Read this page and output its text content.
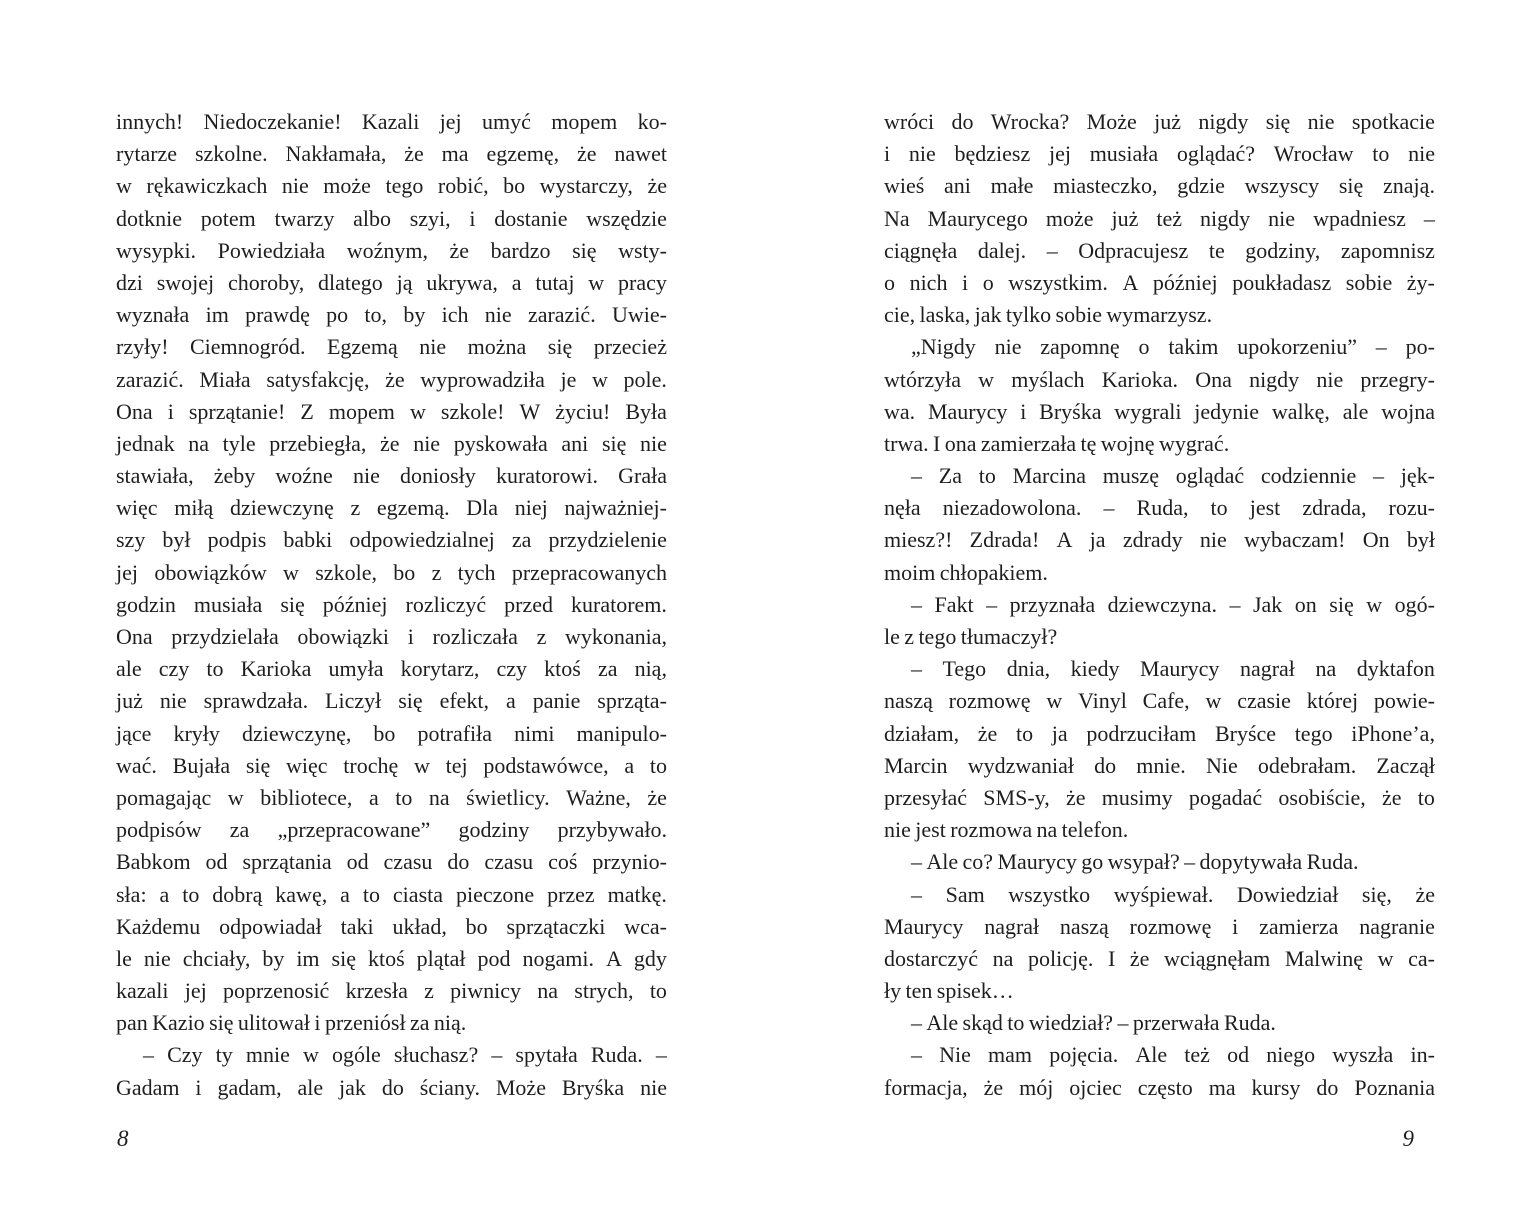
innych! Niedoczekanie! Kazali jej umyć mopem ko-
rytarze szkolne. Nakłamała, że ma egzemę, że nawet
w rękawiczkach nie może tego robić, bo wystarczy, że
dotknie potem twarzy albo szyi, i dostanie wszędzie
wysypki. Powiedziała woźnym, że bardzo się wsty-
dzi swojej choroby, dlatego ją ukrywa, a tutaj w pracy
wyznała im prawdę po to, by ich nie zarazić. Uwie-
rzyły! Ciemnogród. Egzemą nie można się przecież
zarazić. Miała satysfakcję, że wyprowadziła je w pole.
Ona i sprzątanie! Z mopem w szkole! W życiu! Była
jednak na tyle przebiegła, że nie pyskowała ani się nie
stawiała, żeby woźne nie doniosły kuratorowi. Grała
więc miłą dziewczynę z egzemą. Dla niej najważniej-
szy był podpis babki odpowiedzialnej za przydzielenie
jej obowiązków w szkole, bo z tych przepracowanych
godzin musiała się później rozliczyć przed kuratorem.
Ona przydzielała obowiązki i rozliczała z wykonania,
ale czy to Karioka umyła korytarz, czy ktoś za nią,
już nie sprawdzała. Liczył się efekt, a panie sprząta-
jące kryły dziewczynę, bo potrafiła nimi manipulo-
wać. Bujała się więc trochę w tej podstawówce, a to
pomagając w bibliotece, a to na świetlicy. Ważne, że
podpisów za „przepracowane” godziny przybywało.
Babkom od sprzątania od czasu do czasu coś przynio-
sła: a to dobrą kawę, a to ciasta pieczone przez matkę.
Każdemu odpowiadał taki układ, bo sprzątaczki wca-
le nie chciały, by im się ktoś plątał pod nogami. A gdy
kazali jej poprzenosić krzesła z piwnicy na strych, to
pan Kazio się ulitował i przeniósł za nią.
– Czy ty mnie w ogóle słuchasz? – spytała Ruda. –
Gadam i gadam, ale jak do ściany. Może Bryśka nie
wróci do Wrocka? Może już nigdy się nie spotkacie
i nie będziesz jej musiała oglądać? Wrocław to nie
wieś ani małe miasteczko, gdzie wszyscy się znają.
Na Maurycego może już też nigdy nie wpadniesz –
ciągnęła dalej. – Odpracujesz te godziny, zapomnisz
o nich i o wszystkim. A później poukładasz sobie ży-
cie, laska, jak tylko sobie wymarzysz.
„Nigdy nie zapomnę o takim upokorzeniu” – po-
wtórzyła w myślach Karioka. Ona nigdy nie przegry-
wa. Maurycy i Bryśka wygrali jedynie walkę, ale wojna
trwa. I ona zamierzała tę wojnę wygrać.
– Za to Marcina muszę oglądać codziennie – jęk-
nęła niezadowolona. – Ruda, to jest zdrada, rozu-
miesz?! Zdrada! A ja zdrady nie wybaczam! On był
moim chłopakiem.
– Fakt – przyznała dziewczyna. – Jak on się w ogó-
le z tego tłumaczył?
– Tego dnia, kiedy Maurycy nagrał na dyktafon
naszą rozmowę w Vinyl Cafe, w czasie której powie-
działam, że to ja podrzuciłam Bryśce tego iPhone’a,
Marcin wydzwaniał do mnie. Nie odebrałam. Zaczął
przesyłać SMS-y, że musimy pogadać osobiście, że to
nie jest rozmowa na telefon.
– Ale co? Maurycy go wsypał? – dopytywała Ruda.
– Sam wszystko wyśpiewał. Dowiedział się, że
Maurycy nagrał naszą rozmowę i zamierza nagranie
dostarczyć na policję. I że wciągnęłam Malwinę w ca-
ły ten spisek…
– Ale skąd to wiedział? – przerwała Ruda.
– Nie mam pojęcia. Ale też od niego wyszła in-
formacja, że mój ojciec często ma kursy do Poznania
8	9
